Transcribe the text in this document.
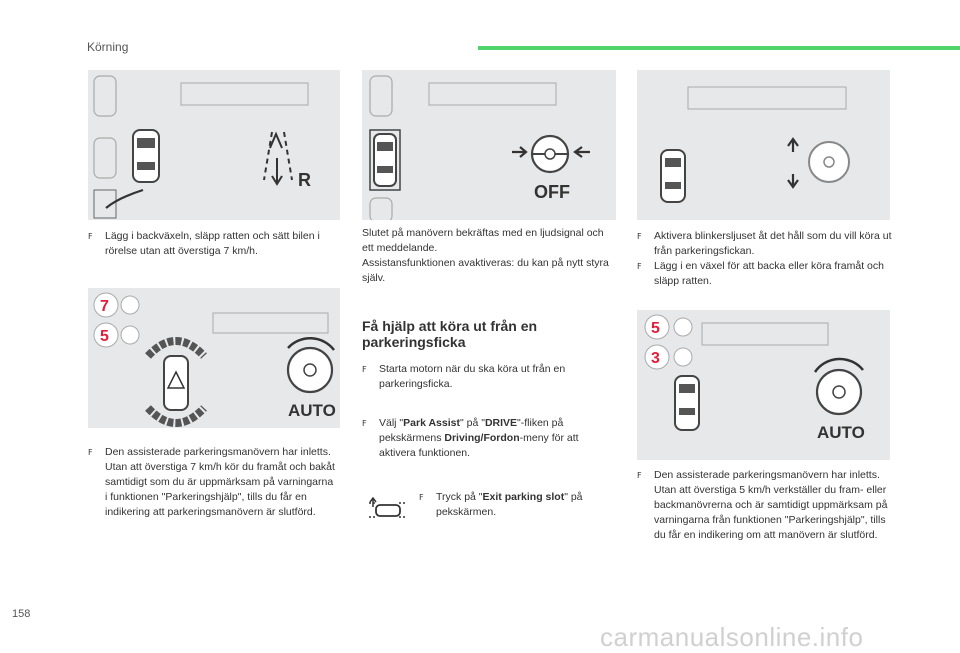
Körning
R
OFF
7
5
AUTO
5
3
AUTO
F	Lägg i backväxeln, släpp ratten och sätt bilen i rörelse utan att överstiga 7 km/h.
F	Den assisterade parkeringsmanövern har inletts.
Utan att överstiga 7 km/h kör du framåt och bakåt samtidigt som du är uppmärksam på varningarna i funktionen "Parkeringshjälp", tills du får en indikering att parkeringsmanövern är slutförd.
Slutet på manövern bekräftas med en ljudsignal och ett meddelande.
Assistansfunktionen avaktiveras: du kan på nytt styra själv.
Få hjälp att köra ut från en parkeringsficka
F	Starta motorn när du ska köra ut från en parkeringsficka.
F	Välj "Park Assist" på "DRIVE"-fliken på pekskärmens Driving/Fordon-meny för att aktivera funktionen.
F	Tryck på "Exit parking slot" på pekskärmen.
F	Aktivera blinkersljuset åt det håll som du vill köra ut från parkeringsfickan.
F	Lägg i en växel för att backa eller köra framåt och släpp ratten.
F	Den assisterade parkeringsmanövern har inletts. Utan att överstiga 5 km/h verkställer du fram- eller backmanövrerna och är samtidigt uppmärksam på varningarna från funktionen "Parkeringshjälp", tills du får en indikering om att manövern är slutförd.
158
carmanualsonline.info
